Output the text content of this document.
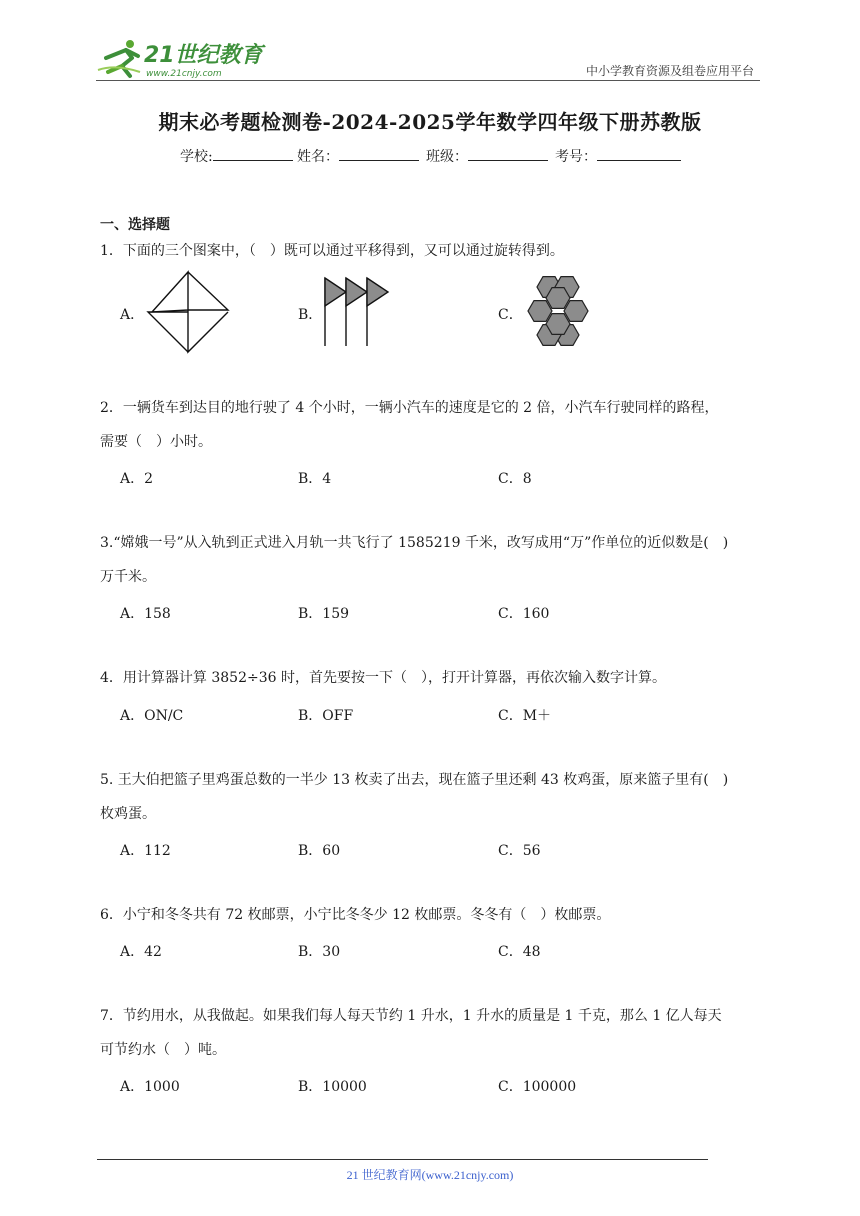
21世纪教育
www.21cnjy.com	中小学教育资源及组卷应用平台
期末必考题检测卷-2024-2025学年数学四年级下册苏教版
学校:	姓名：	班级：	考号：
一、选择题
1．下面的三个图案中，（　）既可以通过平移得到，又可以通过旋转得到。
A．	B．	C．
2．一辆货车到达目的地行驶了 4 个小时，一辆小汽车的速度是它的 2 倍，小汽车行驶同样的路程，
需要（　）小时。
A．2	B．4	C．8
3.“嫦娥一号”从入轨到正式进入月轨一共飞行了 1585219 千米，改写成用“万”作单位的近似数是(　)
万千米。
A．158	B．159	C．160
4．用计算器计算 3852÷36 时，首先要按一下（　），打开计算器，再依次输入数字计算。
A．ON/C	B．OFF	C．M＋
5. 王大伯把篮子里鸡蛋总数的一半少 13 枚卖了出去，现在篮子里还剩 43 枚鸡蛋，原来篮子里有(　)
枚鸡蛋。
A．112	B．60	C．56
6．小宁和冬冬共有 72 枚邮票，小宁比冬冬少 12 枚邮票。冬冬有（　）枚邮票。
A．42	B．30	C．48
7．节约用水，从我做起。如果我们每人每天节约 1 升水，1 升水的质量是 1 千克，那么 1 亿人每天
可节约水（　）吨。
A．1000	B．10000	C．100000
21 世纪教育网(www.21cnjy.com)
